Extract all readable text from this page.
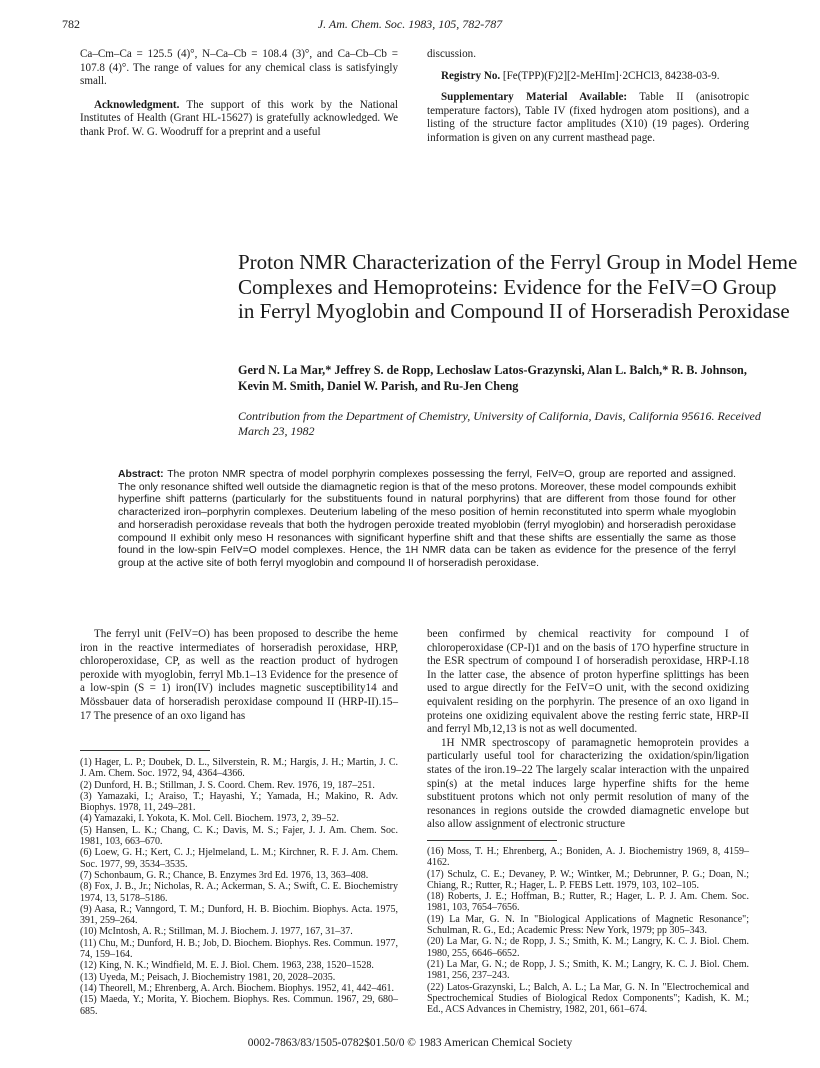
782	J. Am. Chem. Soc. 1983, 105, 782-787

Ca–Cm–Ca = 125.5 (4)°, N–Ca–Cb = 108.4 (3)°, and Ca–Cb–Cb = 107.8 (4)°. The range of values for any chemical class is satisfyingly small.

Acknowledgment. The support of this work by the National Institutes of Health (Grant HL-15627) is gratefully acknowledged. We thank Prof. W. G. Woodruff for a preprint and a useful

discussion.

Registry No. [Fe(TPP)(F)2][2-MeHIm]·2CHCl3, 84238-03-9.

Supplementary Material Available: Table II (anisotropic temperature factors), Table IV (fixed hydrogen atom positions), and a listing of the structure factor amplitudes (X10) (19 pages). Ordering information is given on any current masthead page.

Proton NMR Characterization of the Ferryl Group in Model Heme Complexes and Hemoproteins: Evidence for the FeIV=O Group in Ferryl Myoglobin and Compound II of Horseradish Peroxidase
Gerd N. La Mar,* Jeffrey S. de Ropp, Lechoslaw Latos-Grazynski, Alan L. Balch,* R. B. Johnson, Kevin M. Smith, Daniel W. Parish, and Ru-Jen Cheng
Contribution from the Department of Chemistry, University of California, Davis, California 95616. Received March 23, 1982
Abstract: The proton NMR spectra of model porphyrin complexes possessing the ferryl, FeIV=O, group are reported and assigned. The only resonance shifted well outside the diamagnetic region is that of the meso protons. Moreover, these model compounds exhibit hyperfine shift patterns (particularly for the substituents found in natural porphyrins) that are different from those found for other characterized iron–porphyrin complexes. Deuterium labeling of the meso position of hemin reconstituted into sperm whale myoglobin and horseradish peroxidase reveals that both the hydrogen peroxide treated myoblobin (ferryl myoglobin) and horseradish peroxidase compound II exhibit only meso H resonances with significant hyperfine shift and that these shifts are essentially the same as those found in the low-spin FeIV=O model complexes. Hence, the 1H NMR data can be taken as evidence for the presence of the ferryl group at the active site of both ferryl myoglobin and compound II of horseradish peroxidase.

The ferryl unit (FeIV=O) has been proposed to describe the heme iron in the reactive intermediates of horseradish peroxidase, HRP, chloroperoxidase, CP, as well as the reaction product of hydrogen peroxide with myoglobin, ferryl Mb.1–13 Evidence for the presence of a low-spin (S = 1) iron(IV) includes magnetic susceptibility14 and Mössbauer data of horseradish peroxidase compound II (HRP-II).15–17 The presence of an oxo ligand has

been confirmed by chemical reactivity for compound I of chloroperoxidase (CP-I)1 and on the basis of 17O hyperfine structure in the ESR spectrum of compound I of horseradish peroxidase, HRP-I.18 In the latter case, the absence of proton hyperfine splittings has been used to argue directly for the FeIV=O unit, with the second oxidizing equivalent residing on the porphyrin. The presence of an oxo ligand in proteins one oxidizing equivalent above the resting ferric state, HRP-II and ferryl Mb,12,13 is not as well documented.

1H NMR spectroscopy of paramagnetic hemoprotein provides a particularly useful tool for characterizing the oxidation/spin/ligation states of the iron.19–22 The largely scalar interaction with the unpaired spin(s) at the metal induces large hyperfine shifts for the heme substituent protons which not only permit resolution of many of the resonances in regions outside the crowded diamagnetic envelope but also allow assignment of electronic structure

(1) Hager, L. P.; Doubek, D. L., Silverstein, R. M.; Hargis, J. H.; Martin, J. C. J. Am. Chem. Soc. 1972, 94, 4364–4366.

(2) Dunford, H. B.; Stillman, J. S. Coord. Chem. Rev. 1976, 19, 187–251.

(3) Yamazaki, I.; Araiso, T.; Hayashi, Y.; Yamada, H.; Makino, R. Adv. Biophys. 1978, 11, 249–281.

(4) Yamazaki, I. Yokota, K. Mol. Cell. Biochem. 1973, 2, 39–52.

(5) Hansen, L. K.; Chang, C. K.; Davis, M. S.; Fajer, J. J. Am. Chem. Soc. 1981, 103, 663–670.

(6) Loew, G. H.; Kert, C. J.; Hjelmeland, L. M.; Kirchner, R. F. J. Am. Chem. Soc. 1977, 99, 3534–3535.

(7) Schonbaum, G. R.; Chance, B. Enzymes 3rd Ed. 1976, 13, 363–408.

(8) Fox, J. B., Jr.; Nicholas, R. A.; Ackerman, S. A.; Swift, C. E. Biochemistry 1974, 13, 5178–5186.

(9) Aasa, R.; Vanngord, T. M.; Dunford, H. B. Biochim. Biophys. Acta. 1975, 391, 259–264.

(10) McIntosh, A. R.; Stillman, M. J. Biochem. J. 1977, 167, 31–37.

(11) Chu, M.; Dunford, H. B.; Job, D. Biochem. Biophys. Res. Commun. 1977, 74, 159–164.

(12) King, N. K.; Windfield, M. E. J. Biol. Chem. 1963, 238, 1520–1528.

(13) Uyeda, M.; Peisach, J. Biochemistry 1981, 20, 2028–2035.

(14) Theorell, M.; Ehrenberg, A. Arch. Biochem. Biophys. 1952, 41, 442–461.

(15) Maeda, Y.; Morita, Y. Biochem. Biophys. Res. Commun. 1967, 29, 680–685.

(16) Moss, T. H.; Ehrenberg, A.; Boniden, A. J. Biochemistry 1969, 8, 4159–4162.

(17) Schulz, C. E.; Devaney, P. W.; Wintker, M.; Debrunner, P. G.; Doan, N.; Chiang, R.; Rutter, R.; Hager, L. P. FEBS Lett. 1979, 103, 102–105.

(18) Roberts, J. E.; Hoffman, B.; Rutter, R.; Hager, L. P. J. Am. Chem. Soc. 1981, 103, 7654–7656.

(19) La Mar, G. N. In "Biological Applications of Magnetic Resonance"; Schulman, R. G., Ed.; Academic Press: New York, 1979; pp 305–343.

(20) La Mar, G. N.; de Ropp, J. S.; Smith, K. M.; Langry, K. C. J. Biol. Chem. 1980, 255, 6646–6652.

(21) La Mar, G. N.; de Ropp, J. S.; Smith, K. M.; Langry, K. C. J. Biol. Chem. 1981, 256, 237–243.

(22) Latos-Grazynski, L.; Balch, A. L.; La Mar, G. N. In "Electrochemical and Spectrochemical Studies of Biological Redox Components"; Kadish, K. M.; Ed., ACS Advances in Chemistry, 1982, 201, 661–674.

0002-7863/83/1505-0782$01.50/0 © 1983 American Chemical Society
